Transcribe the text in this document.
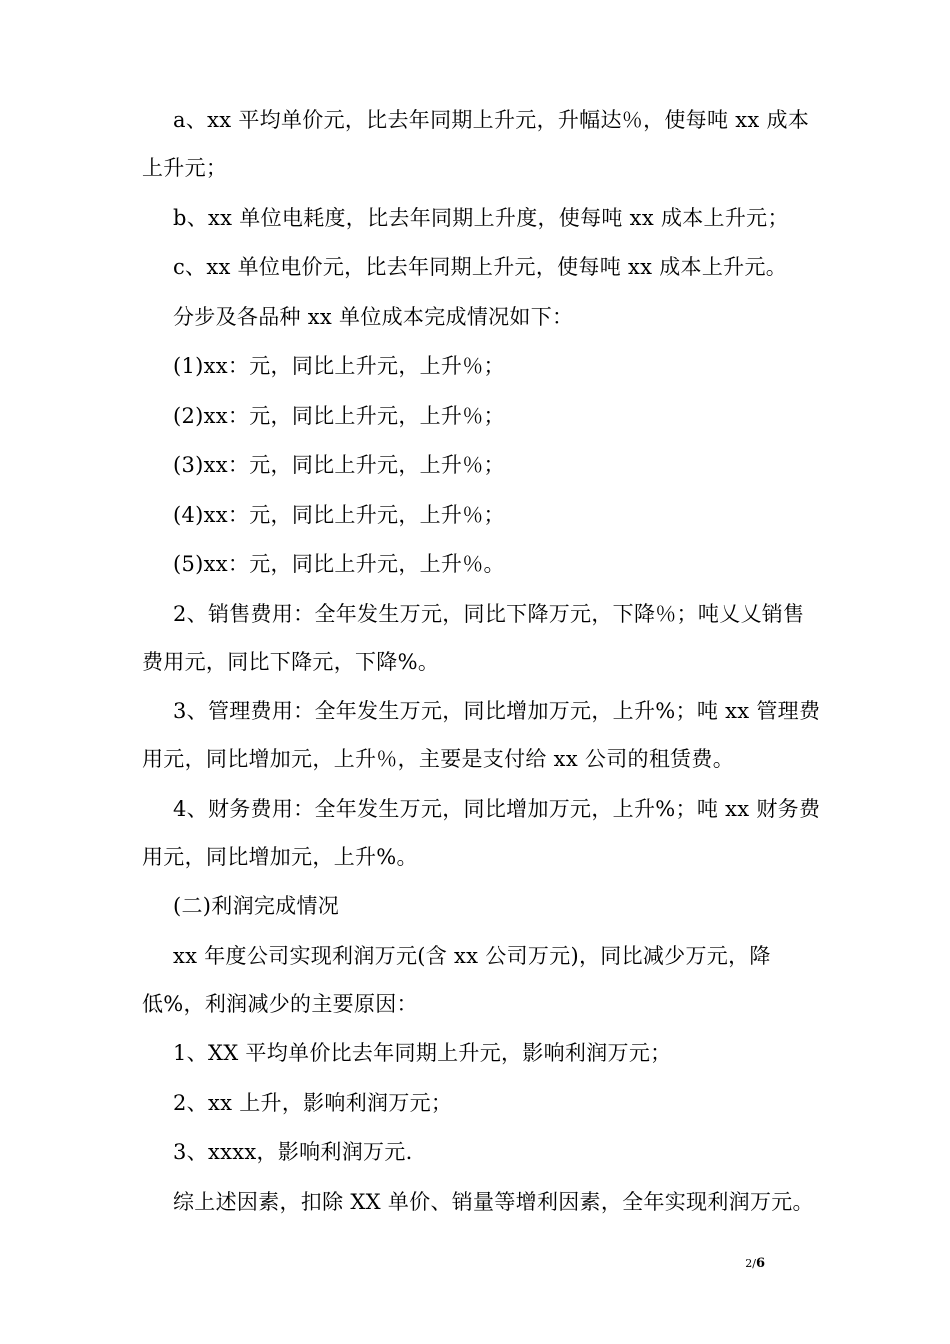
a、xx 平均单价元，比去年同期上升元，升幅达％，使每吨 xx 成本上升元；

b、xx 单位电耗度，比去年同期上升度，使每吨 xx 成本上升元；

c、xx 单位电价元，比去年同期上升元，使每吨 xx 成本上升元。

分步及各品种 xx 单位成本完成情况如下：

(1)xx：元，同比上升元，上升％；

(2)xx：元，同比上升元，上升％；

(3)xx：元，同比上升元，上升％；

(4)xx：元，同比上升元，上升％；

(5)xx：元，同比上升元，上升％。

2、销售费用：全年发生万元，同比下降万元，下降％；吨乂乂销售费用元，同比下降元，下降%。

3、管理费用：全年发生万元，同比增加万元，上升%；吨 xx 管理费用元，同比增加元，上升％，主要是支付给 xx 公司的租赁费。

4、财务费用：全年发生万元，同比增加万元，上升%；吨 xx 财务费用元，同比增加元，上升%。

(二)利润完成情况

xx 年度公司实现利润万元(含 xx 公司万元)，同比减少万元，降低%，利润减少的主要原因：

1、XX 平均单价比去年同期上升元，影响利润万元；

2、xx 上升，影响利润万元；

3、xxxx，影响利润万元.

综上述因素，扣除 XX 单价、销量等增利因素，全年实现利润万元。

2/6
